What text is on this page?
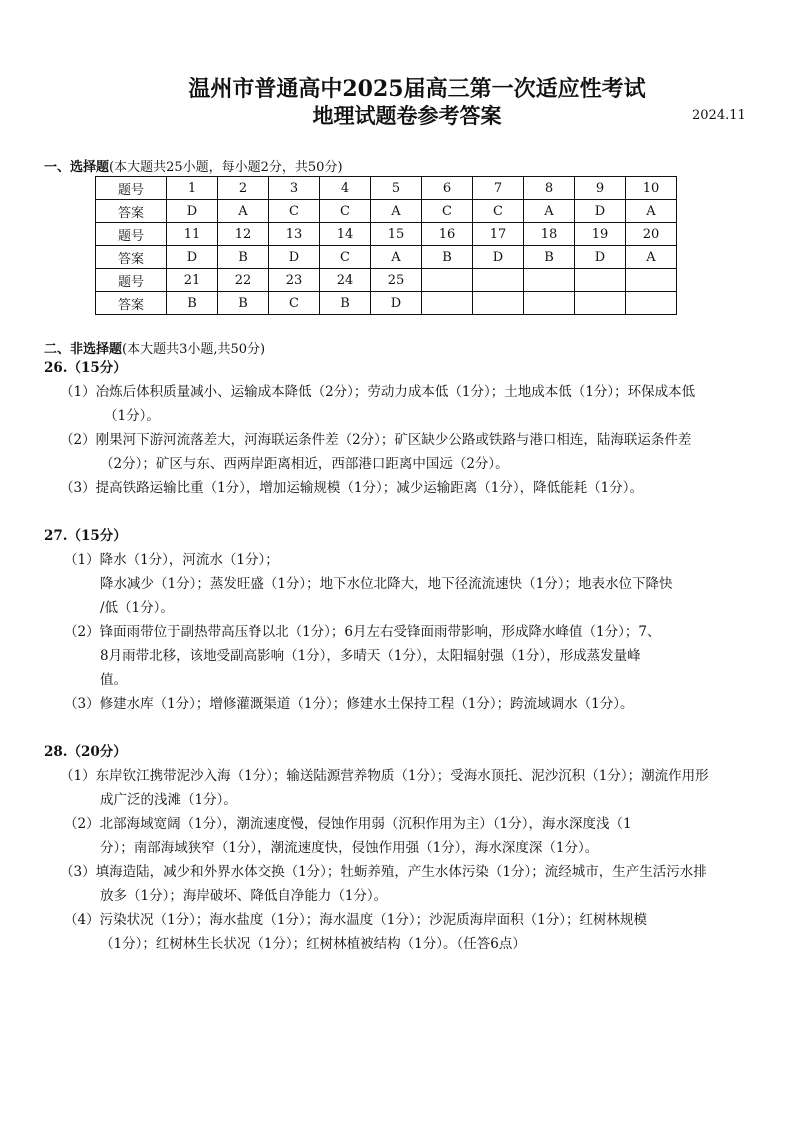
温州市普通高中2025届高三第一次适应性考试
地理试题卷参考答案	2024.11
一、选择题(本大题共25小题，每小题2分，共50分)
题号	1	2	3	4	5	6	7	8	9	10
答案	D	A	C	C	A	C	C	A	D	A
题号	11	12	13	14	15	16	17	18	19	20
答案	D	B	D	C	A	B	D	B	D	A
题号	21	22	23	24	25					
答案	B	B	C	B	D					
二、非选择题(本大题共3小题,共50分)
26.（15分）
（1）冶炼后体积质量减小、运输成本降低（2分）；劳动力成本低（1分）；土地成本低（1分）；环保成本低
（1分）。
（2）刚果河下游河流落差大，河海联运条件差（2分）；矿区缺少公路或铁路与港口相连，陆海联运条件差
（2分）；矿区与东、西两岸距离相近，西部港口距离中国远（2分）。
（3）提高铁路运输比重（1分），增加运输规模（1分）；减少运输距离（1分），降低能耗（1分）。
27.（15分）
（1）降水（1分），河流水（1分）；
降水减少（1分）；蒸发旺盛（1分）；地下水位北降大，地下径流流速快（1分）；地表水位下降快
/低（1分）。
（2）锋面雨带位于副热带高压脊以北（1分）；6月左右受锋面雨带影响，形成降水峰值（1分）；7、
8月雨带北移，该地受副高影响（1分），多晴天（1分），太阳辐射强（1分），形成蒸发量峰
值。
（3）修建水库（1分）；增修灌溉渠道（1分）；修建水土保持工程（1分）；跨流域调水（1分）。
28.（20分）
（1）东岸钦江携带泥沙入海（1分）；输送陆源营养物质（1分）；受海水顶托、泥沙沉积（1分）；潮流作用形
成广泛的浅滩（1分）。
（2）北部海域宽阔（1分），潮流速度慢，侵蚀作用弱（沉积作用为主）（1分），海水深度浅（1
分）；南部海域狭窄（1分），潮流速度快，侵蚀作用强（1分），海水深度深（1分）。
（3）填海造陆，减少和外界水体交换（1分）；牡蛎养殖，产生水体污染（1分）；流经城市，生产生活污水排
放多（1分）；海岸破坏、降低自净能力（1分）。
（4）污染状况（1分）；海水盐度（1分）；海水温度（1分）；沙泥质海岸面积（1分）；红树林规模
（1分）；红树林生长状况（1分）；红树林植被结构（1分）。（任答6点）
